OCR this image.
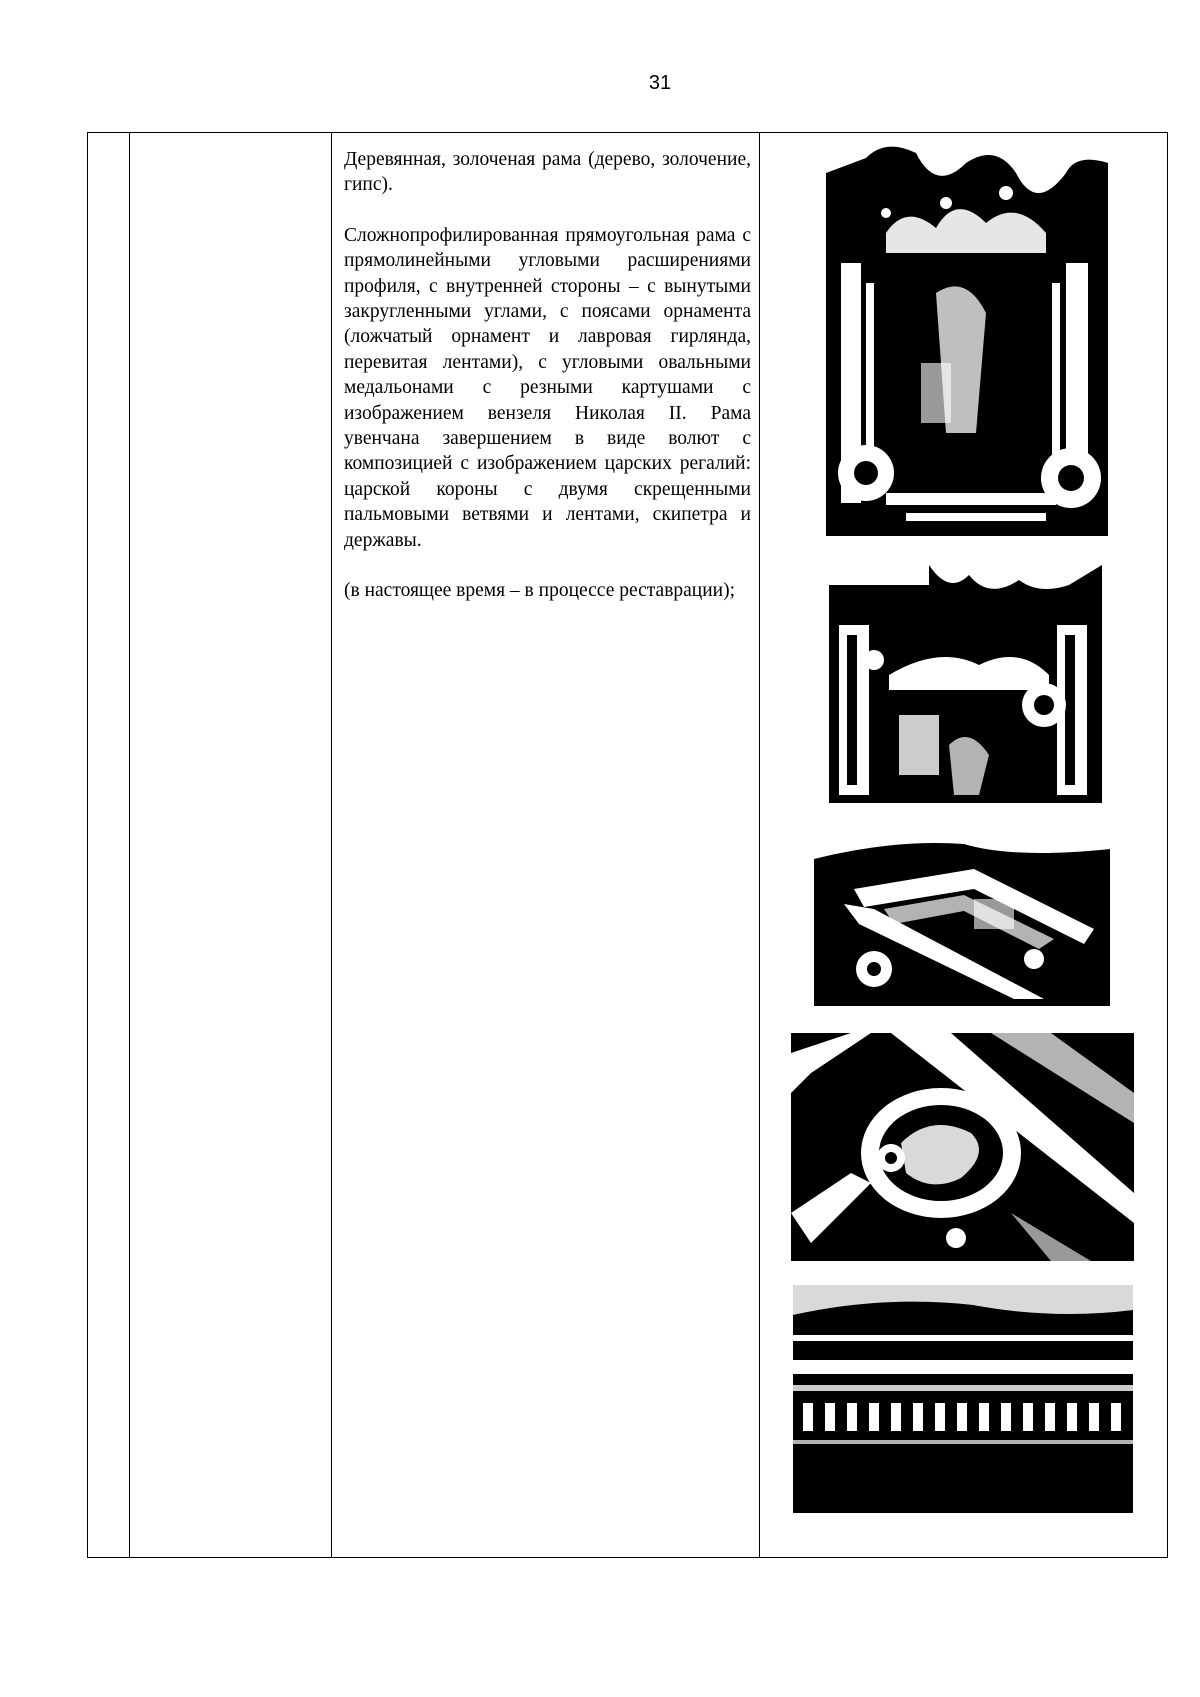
31

Деревянная, золоченая рама (дерево, золочение, гипс).

Сложнопрофилированная прямоугольная рама с прямолинейными угловыми расширениями профиля, с внутренней стороны – с вынутыми закругленными углами, с поясами орнамента (ложчатый орнамент и лавровая гирлянда, перевитая лентами), с угловыми овальными медальонами с резными картушами с изображением вензеля Николая II. Рама увенчана завершением в виде волют с композицией с изображением царских регалий: царской короны с двумя скрещенными пальмовыми ветвями и лентами, скипетра и державы.

(в настоящее время – в процессе реставрации);
